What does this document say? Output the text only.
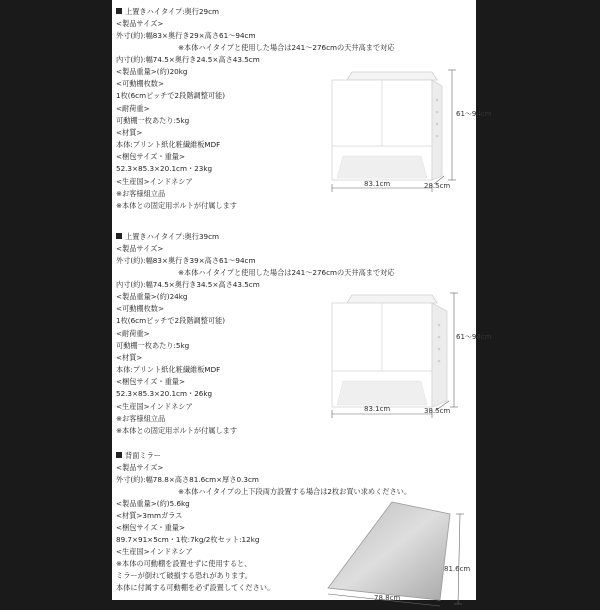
上置きハイタイプ:奥行29cm
<製品サイズ>
外寸(約):幅83×奥行き29×高さ61～94cm
※本体ハイタイプと使用した場合は241～276cmの天井高まで対応
内寸(約):幅74.5×奥行き24.5×高さ43.5cm
<製品重量>(約)20kg
<可動棚枚数>
1枚(6cmピッチで2段階調整可能)
<耐荷重>
可動棚一枚あたり:5kg
<材質>
本体:プリント紙化粧繊維板MDF
<梱包サイズ・重量>
52.3×85.3×20.1cm・23kg
<生産国>インドネシア
※お客様組立品
※本体との固定用ボルトが付属します
61～94cm
83.1cm	28.5cm
上置きハイタイプ:奥行39cm
<製品サイズ>
外寸(約):幅83×奥行き39×高さ61～94cm
※本体ハイタイプと使用した場合は241～276cmの天井高まで対応
内寸(約):幅74.5×奥行き34.5×高さ43.5cm
<製品重量>(約)24kg
<可動棚枚数>
1枚(6cmピッチで2段階調整可能)
<耐荷重>
可動棚一枚あたり:5kg
<材質>
本体:プリント紙化粧繊維板MDF
<梱包サイズ・重量>
52.3×85.3×20.1cm・26kg
<生産国>インドネシア
※お客様組立品
※本体との固定用ボルトが付属します
61～94cm
83.1cm	38.5cm
背面ミラー
<製品サイズ>
外寸(約):幅78.8×高さ81.6cm×厚さ0.3cm
※本体ハイタイプの上下段両方設置する場合は2枚お買い求めください。
<製品重量>(約)5.6kg
<材質>3mmガラス
<梱包サイズ・重量>
89.7×91×5cm・1枚:7kg/2枚セット:12kg
<生産国>インドネシア
※本体の可動棚を設置せずに使用すると、
ミラーが倒れて破損する恐れがあります。
本体に付属する可動棚を必ず設置してください。
81.6cm
78.8cm
